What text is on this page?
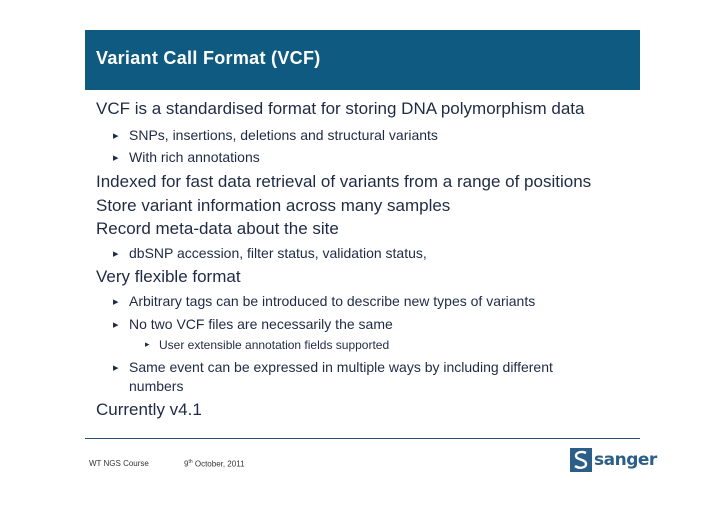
Variant Call Format (VCF)
VCF is a standardised format for storing DNA polymorphism data
▸ SNPs, insertions, deletions and structural variants
▸ With rich annotations
Indexed for fast data retrieval of variants from a range of positions
Store variant information across many samples
Record meta-data about the site
▸ dbSNP accession, filter status, validation status,
Very flexible format
▸ Arbitrary tags can be introduced to describe new types of variants
▸ No two VCF files are necessarily the same
▸ User extensible annotation fields supported
▸ Same event can be expressed in multiple ways by including different
numbers
Currently v4.1
WT NGS Course	9th October, 2011	sanger
